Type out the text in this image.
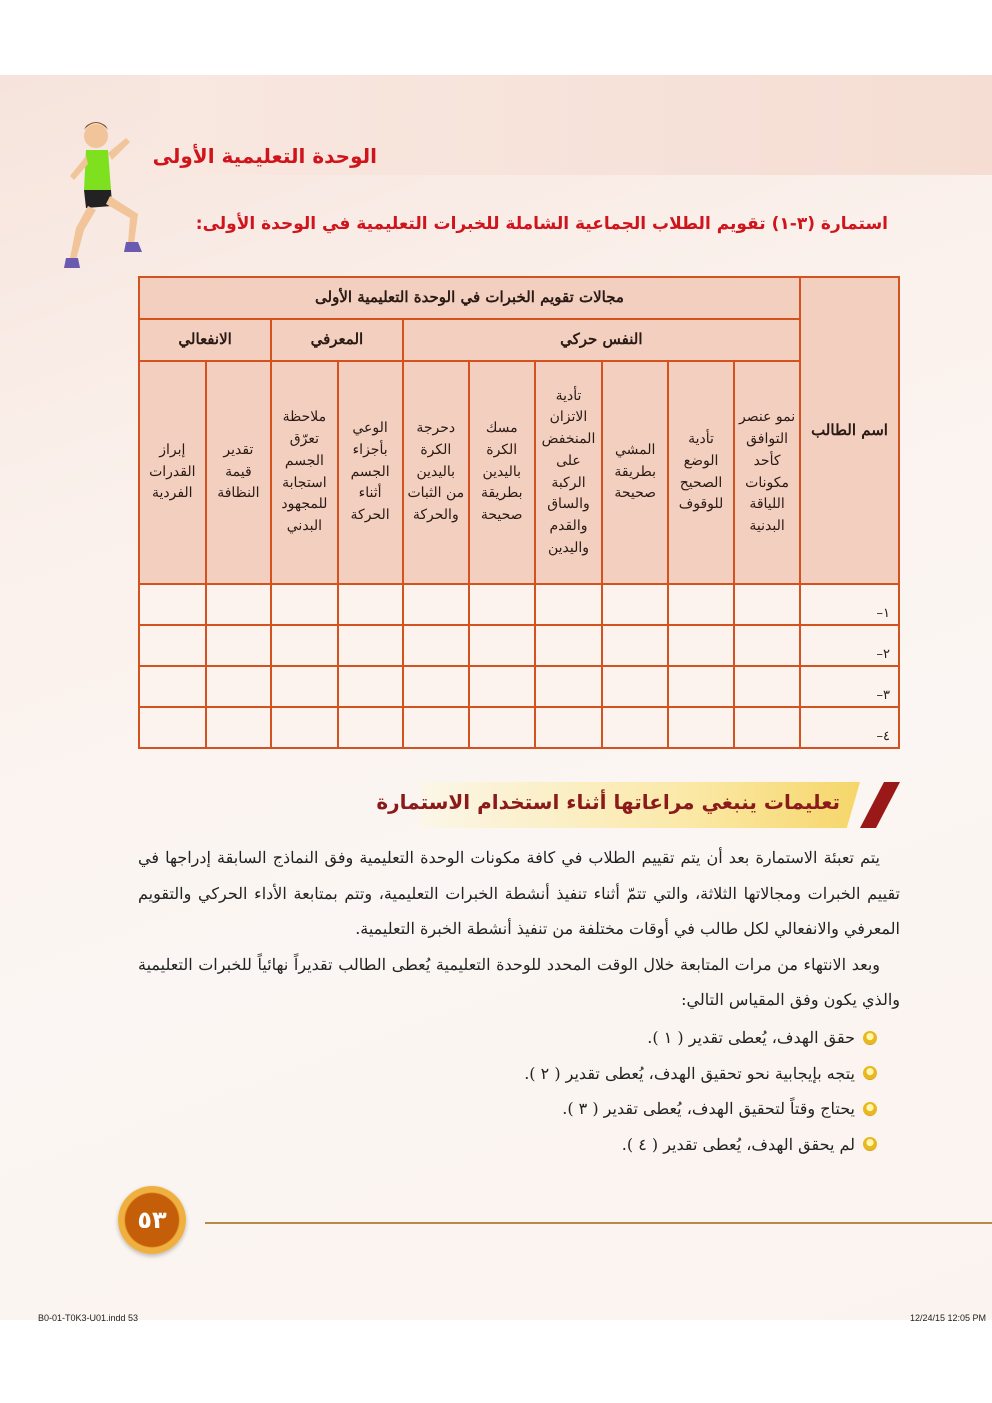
الوحدة التعليمية الأولى
استمارة (٣-١) تقويم الطلاب الجماعية الشاملة للخبرات التعليمية في الوحدة الأولى:
اسم الطالب	مجالات تقويم الخبرات في الوحدة التعليمية الأولى									
	النفس حركي						المعرفي		الانفعالي	
	نمو عنصر التوافق كأحد مكونات اللياقة البدنية	تأدية الوضع الصحيح للوقوف	المشي بطريقة صحيحة	تأدية الاتزان المنخفض على الركبة والساق والقدم واليدين	مسك الكرة باليدين بطريقة صحيحة	دحرجة الكرة باليدين من الثبات والحركة	الوعي بأجزاء الجسم أثناء الحركة	ملاحظة تعرّق الجسم استجابة للمجهود البدني	تقدير قيمة النظافة	إبراز القدرات الفردية
١–										
٢–										
٣–										
٤–										
تعليمات ينبغي مراعاتها أثناء استخدام الاستمارة

يتم تعبئة الاستمارة بعد أن يتم تقييم الطلاب في كافة مكونات الوحدة التعليمية وفق النماذج السابقة إدراجها في تقييم الخبرات ومجالاتها الثلاثة، والتي تتمّ أثناء تنفيذ أنشطة الخبرات التعليمية، وتتم بمتابعة الأداء الحركي والتقويم المعرفي والانفعالي لكل طالب في أوقات مختلفة من تنفيذ أنشطة الخبرة التعليمية.

وبعد الانتهاء من مرات المتابعة خلال الوقت المحدد للوحدة التعليمية يُعطى الطالب تقديراً نهائياً للخبرات التعليمية والذي يكون وفق المقياس التالي:

حقق الهدف، يُعطى تقدير ( ١ ).
يتجه بإيجابية نحو تحقيق الهدف، يُعطى تقدير ( ٢ ).
يحتاج وقتاً لتحقيق الهدف، يُعطى تقدير ( ٣ ).
لم يحقق الهدف، يُعطى تقدير ( ٤ ).
٥٣
B0-01-T0K3-U01.indd 53	12/24/15 12:05 PM
